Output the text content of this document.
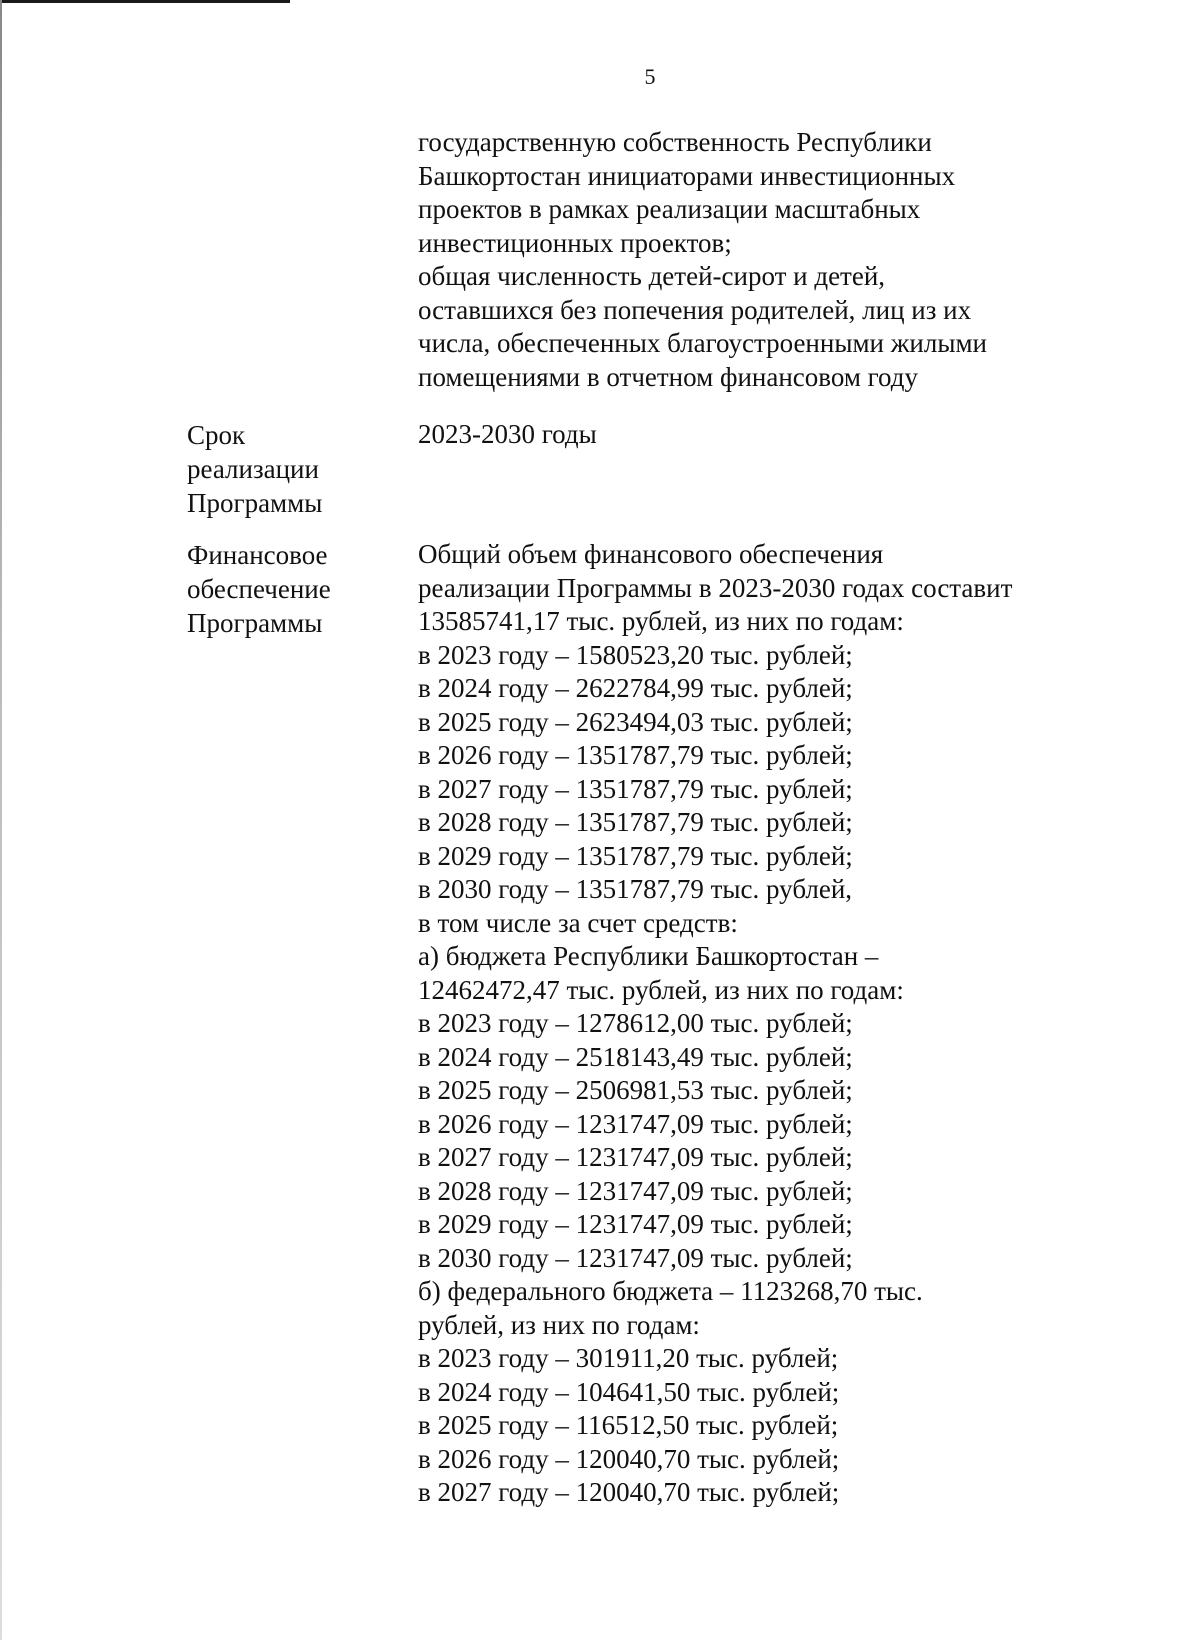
5
государственную собственность Республики
Башкортостан инициаторами инвестиционных
проектов в рамках реализации масштабных
инвестиционных проектов;
общая численность детей-сирот и детей,
оставшихся без попечения родителей, лиц из их
числа, обеспеченных благоустроенными жилыми
помещениями в отчетном финансовом году
Срок
реализации
Программы
2023-2030 годы
Финансовое
обеспечение
Программы
Общий объем финансового обеспечения
реализации Программы в 2023-2030 годах составит
13585741,17 тыс. рублей, из них по годам:
в 2023 году – 1580523,20 тыс. рублей;
в 2024 году – 2622784,99 тыс. рублей;
в 2025 году – 2623494,03 тыс. рублей;
в 2026 году – 1351787,79 тыс. рублей;
в 2027 году – 1351787,79 тыс. рублей;
в 2028 году – 1351787,79 тыс. рублей;
в 2029 году – 1351787,79 тыс. рублей;
в 2030 году – 1351787,79 тыс. рублей,
в том числе за счет средств:
а) бюджета Республики Башкортостан –
12462472,47 тыс. рублей, из них по годам:
в 2023 году – 1278612,00 тыс. рублей;
в 2024 году – 2518143,49 тыс. рублей;
в 2025 году – 2506981,53 тыс. рублей;
в 2026 году – 1231747,09 тыс. рублей;
в 2027 году – 1231747,09 тыс. рублей;
в 2028 году – 1231747,09 тыс. рублей;
в 2029 году – 1231747,09 тыс. рублей;
в 2030 году – 1231747,09 тыс. рублей;
б) федерального бюджета – 1123268,70 тыс.
рублей, из них по годам:
в 2023 году – 301911,20 тыс. рублей;
в 2024 году – 104641,50 тыс. рублей;
в 2025 году – 116512,50 тыс. рублей;
в 2026 году – 120040,70 тыс. рублей;
в 2027 году – 120040,70 тыс. рублей;
